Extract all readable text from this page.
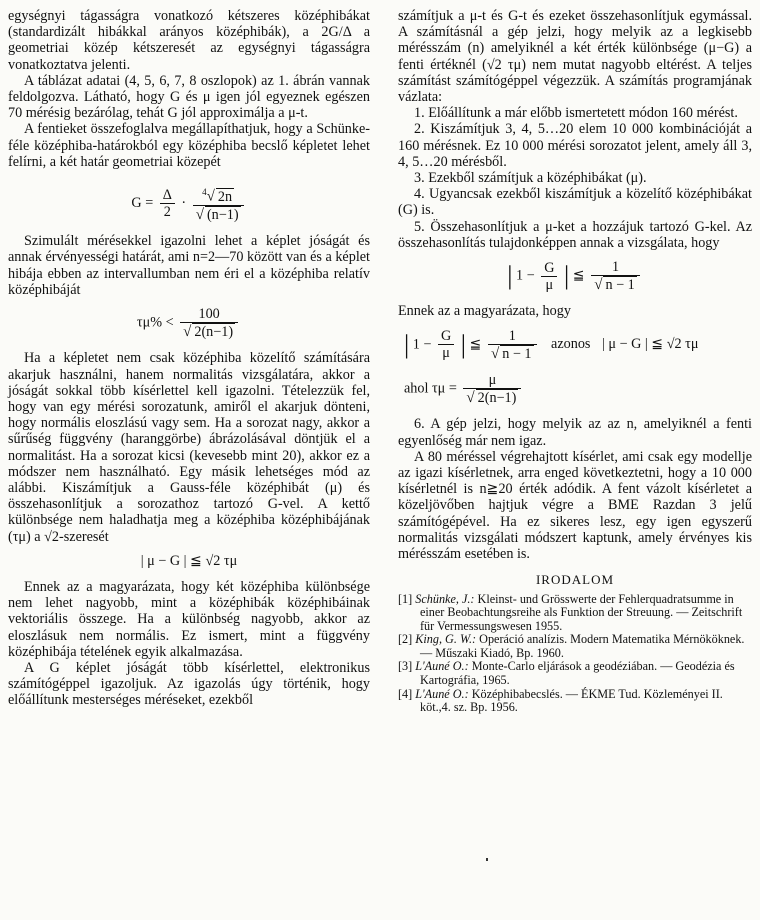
egységnyi tágasságra vonatkozó kétszeres középhibákat (standardizált hibákkal arányos középhibák), a 2G/Δ a geometriai közép kétszeresét az egységnyi tágasságra vonatkoztatva jelenti.

A táblázat adatai (4, 5, 6, 7, 8 oszlopok) az 1. ábrán vannak feldolgozva. Látható, hogy G és μ igen jól egyeznek egészen 70 mérésig bezárólag, tehát G jól approximálja a μ-t.

A fentieket összefoglalva megállapíthatjuk, hogy a Schünke-féle középhiba-határokból egy középhiba becslő képletet lehet felírni, a két határ geometriai közepét

$G = \frac{\Delta}{2} \cdot \frac{^4√ 2n}{√ (n-1)}$

Szimulált mérésekkel igazolni lehet a képlet jóságát és annak érvényességi határát, ami n=2—70 között van és a képlet hibája ebben az intervallumban nem éri el a középhiba relatív középhibáját

$\tau\mu\% < \frac{100}{√ 2(n-1)}$

Ha a képletet nem csak középhiba közelítő számítására akarjuk használni, hanem normalitás vizsgálatára, akkor a jóságát sokkal több kísérlettel kell igazolni. Tételezzük fel, hogy van egy mérési sorozatunk, amiről el akarjuk dönteni, hogy normális eloszlású vagy sem. Ha a sorozat nagy, akkor a sűrűség függvény (haranggörbe) ábrázolásával döntjük el a normalitást. Ha a sorozat kicsi (kevesebb mint 20), akkor ez a módszer nem használható. Egy másik lehetséges mód az alábbi. Kiszámítjuk a Gauss-féle középhibát (μ) és összehasonlítjuk a sorozathoz tartozó G-vel. A kettő különbsége nem haladhatja meg a középhiba középhibájának (τμ) a √2-szeresét

| μ − G | ≦ √2 τμ

Ennek az a magyarázata, hogy két középhiba különbsége nem lehet nagyobb, mint a középhibák középhibáinak vektoriális összege. Ha a különbség nagyobb, akkor az eloszlásuk nem normális. Ez ismert, mint a függvény középhibája tételének egyik alkalmazása.

A G képlet jóságát több kísérlettel, elektronikus számítógéppel igazoljuk. Az igazolás úgy történik, hogy előállítunk mesterséges méréseket, ezekből

számítjuk a μ-t és G-t és ezeket összehasonlítjuk egymással. A számításnál a gép jelzi, hogy melyik az a legkisebb mérésszám (n) amelyiknél a két érték különbsége (μ−G) a fenti értéknél (√2 τμ) nem mutat nagyobb eltérést. A teljes számítást számítógéppel végezzük. A számítás programjának vázlata:

1. Előállítunk a már előbb ismertetett módon 160 mérést.

2. Kiszámítjuk 3, 4, 5…20 elem 10 000 kombinációját a 160 mérésnek. Ez 10 000 mérési sorozatot jelent, amely áll 3, 4, 5…20 mérésből.

3. Ezekből számítjuk a középhibákat (μ).

4. Ugyancsak ezekből kiszámítjuk a közelítő középhibákat (G) is.

5. Összehasonlítjuk a μ-ket a hozzájuk tartozó G-kel. Az összehasonlítás tulajdonképpen annak a vizsgálata, hogy

| $1 - \frac{G}{\mu}$ | ≦ $\frac{1}{√ n - 1}$

Ennek az a magyarázata, hogy

| $1 - \frac{G}{\mu}$ | ≦ $\frac{1}{√ n - 1}$ azonos | μ − G | ≦ √2 τμ
ahol $\tau\mu = \frac{\mu}{√ 2(n-1)}$

6. A gép jelzi, hogy melyik az az n, amelyiknél a fenti egyenlőség már nem igaz.

A 80 méréssel végrehajtott kísérlet, ami csak egy modellje az igazi kísérletnek, arra enged következtetni, hogy a 10 000 kísérletnél is n≧20 érték adódik. A fent vázolt kísérletet a közeljövőben hajtjuk végre a BME Razdan 3 jelű számítógépével. Ha ez sikeres lesz, egy igen egyszerű normalitás vizsgálati módszert kaptunk, amely érvényes kis mérésszám esetében is.

IRODALOM
[1] Schünke, J.: Kleinst- und Grösswerte der Fehlerquadratsumme in einer Beobachtungsreihe als Funktion der Streuung. — Zeitschrift für Vermessungswesen 1955.
[2] King, G. W.: Operáció analízis. Modern Matematika Mérnököknek. — Műszaki Kiadó, Bp. 1960.
[3] L'Auné O.: Monte-Carlo eljárások a geodéziában. — Geodézia és Kartográfia, 1965.
[4] L'Auné O.: Középhibabecslés. — ÉKME Tud. Közleményei II. köt.,4. sz. Bp. 1956.
